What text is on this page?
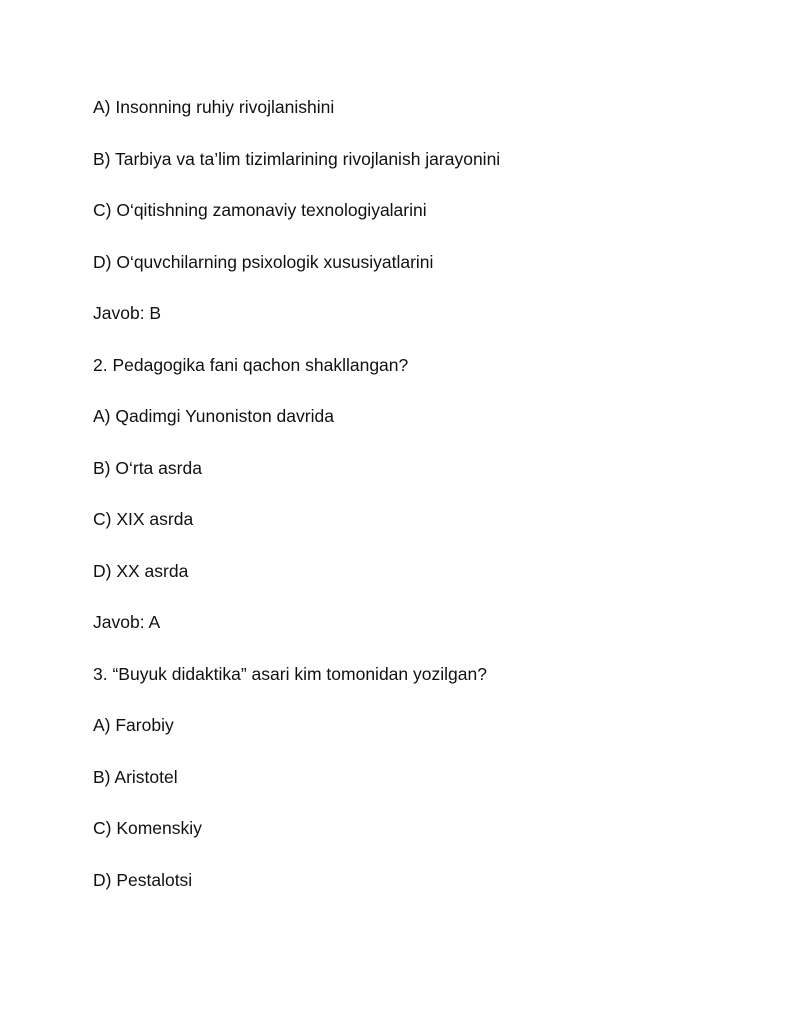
A) Insonning ruhiy rivojlanishini
B) Tarbiya va ta’lim tizimlarining rivojlanish jarayonini
C) O‘qitishning zamonaviy texnologiyalarini
D) O‘quvchilarning psixologik xususiyatlarini
Javob: B
2. Pedagogika fani qachon shakllangan?
A) Qadimgi Yunoniston davrida
B) O‘rta asrda
C) XIX asrda
D) XX asrda
Javob: A
3. “Buyuk didaktika” asari kim tomonidan yozilgan?
A) Farobiy
B) Aristotel
C) Komenskiy
D) Pestalotsi
